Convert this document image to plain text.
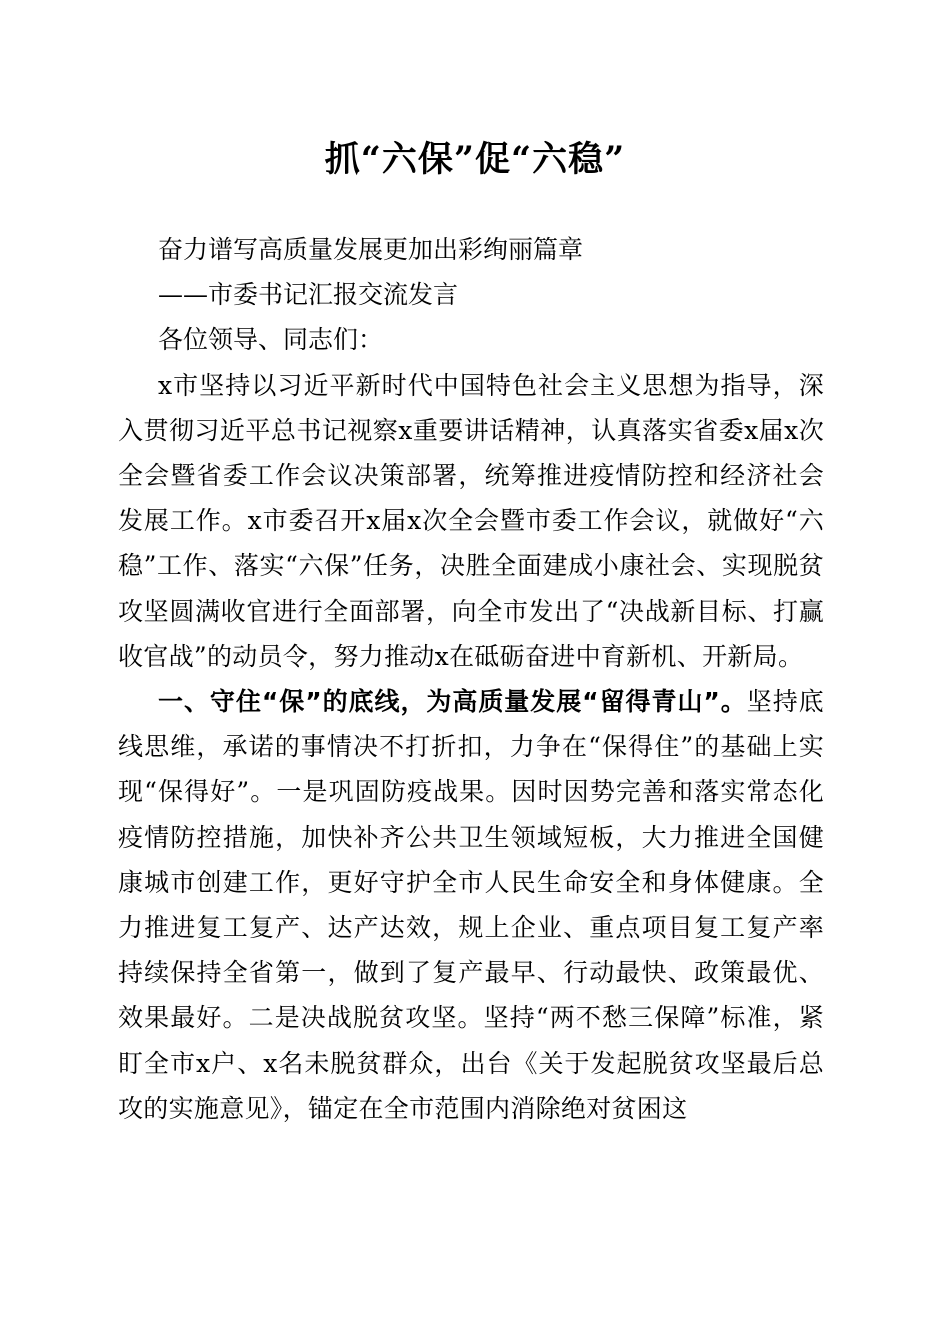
抓“六保”促“六稳”

奋力谱写高质量发展更加出彩绚丽篇章

——市委书记汇报交流发言

各位领导、同志们：

x市坚持以习近平新时代中国特色社会主义思想为指导，深入贯彻习近平总书记视察x重要讲话精神，认真落实省委x届x次全会暨省委工作会议决策部署，统筹推进疫情防控和经济社会发展工作。x市委召开x届x次全会暨市委工作会议，就做好“六稳”工作、落实“六保”任务，决胜全面建成小康社会、实现脱贫攻坚圆满收官进行全面部署，向全市发出了“决战新目标、打赢收官战”的动员令，努力推动x在砥砺奋进中育新机、开新局。

一、守住“保”的底线，为高质量发展“留得青山”。坚持底线思维，承诺的事情决不打折扣，力争在“保得住”的基础上实现“保得好”。一是巩固防疫战果。因时因势完善和落实常态化疫情防控措施，加快补齐公共卫生领域短板，大力推进全国健康城市创建工作，更好守护全市人民生命安全和身体健康。全力推进复工复产、达产达效，规上企业、重点项目复工复产率持续保持全省第一，做到了复产最早、行动最快、政策最优、效果最好。二是决战脱贫攻坚。坚持“两不愁三保障”标准，紧盯全市x户、x名未脱贫群众，出台《关于发起脱贫攻坚最后总攻的实施意见》，锚定在全市范围内消除绝对贫困这
